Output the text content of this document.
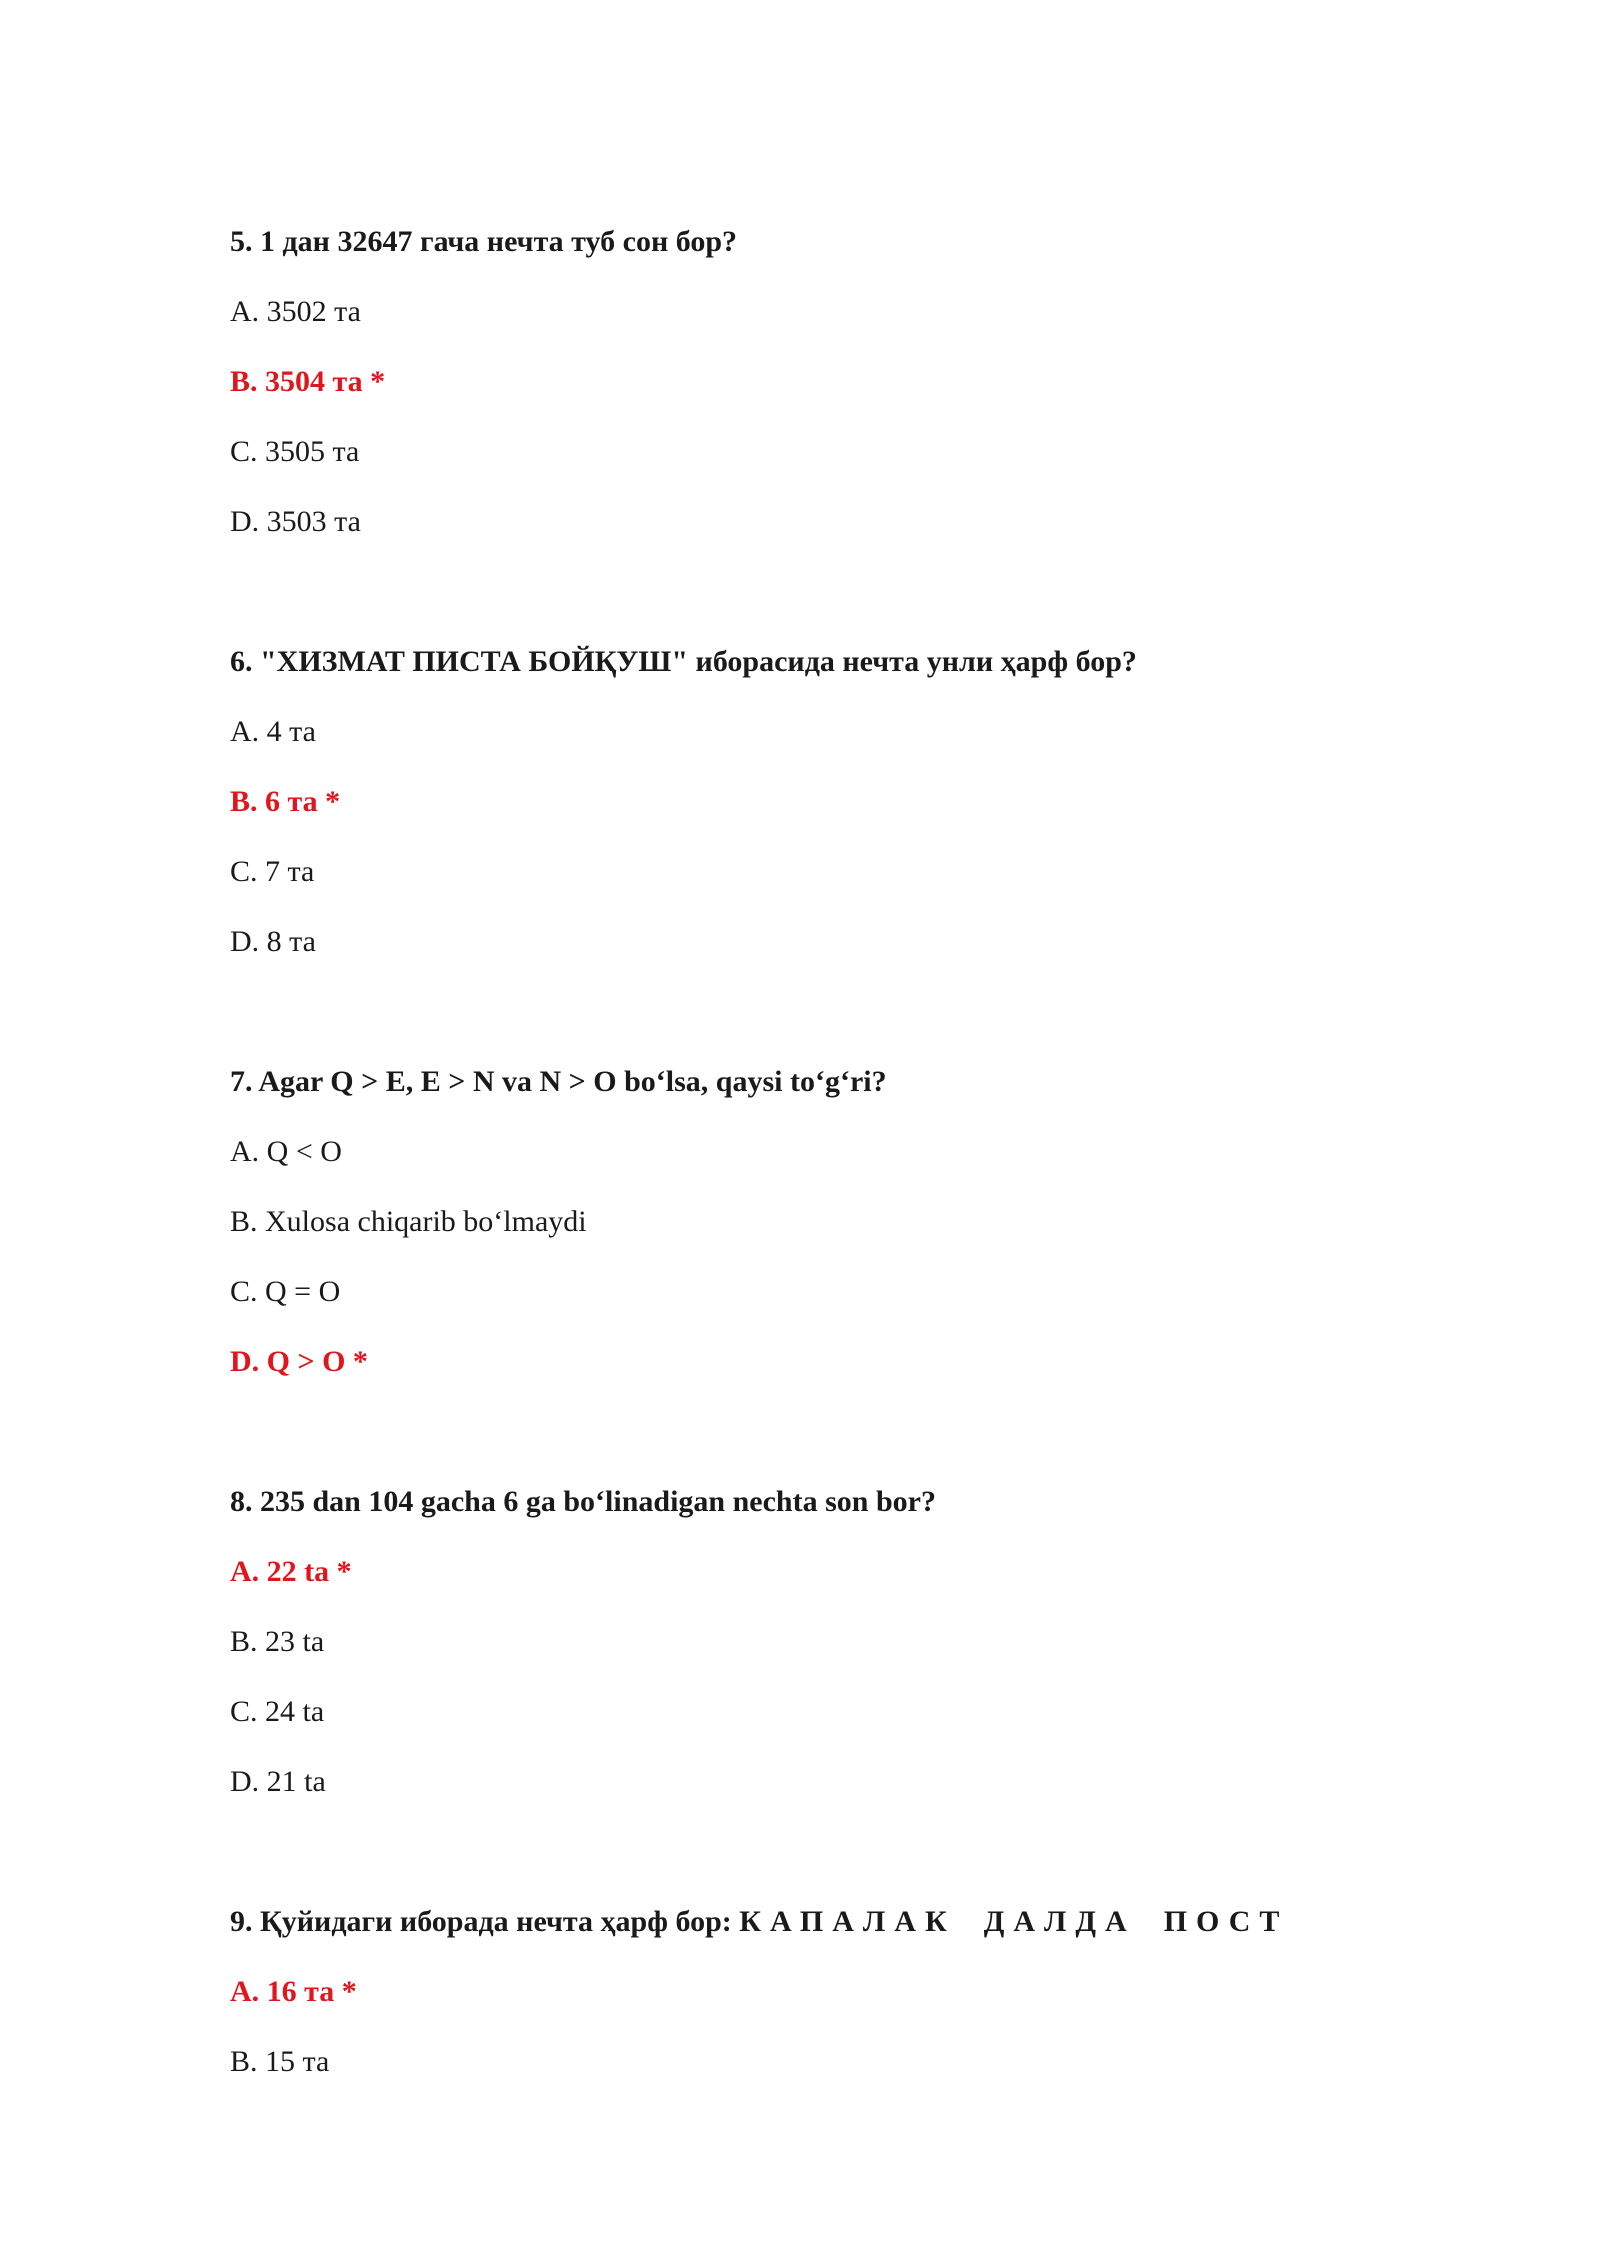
5. 1 дан 32647 гача нечта туб сон бор?
A. 3502 та
B. 3504 та *
C. 3505 та
D. 3503 та
6. "ХИЗМАТ ПИСТА БОЙҚУШ" иборасида нечта унли ҳарф бор?
A. 4 та
B. 6 та *
C. 7 та
D. 8 та
7. Agar Q > E, E > N va N > O bo‘lsa, qaysi to‘g‘ri?
A. Q < O
B. Xulosa chiqarib bo‘lmaydi
C. Q = O
D. Q > O *
8. 235 dan 104 gacha 6 ga bo‘linadigan nechta son bor?
A. 22 ta *
B. 23 ta
C. 24 ta
D. 21 ta
9. Қуйидаги иборада нечта ҳарф бор: КАПАЛАК ДАЛДА ПОСТ
A. 16 та *
B. 15 та
